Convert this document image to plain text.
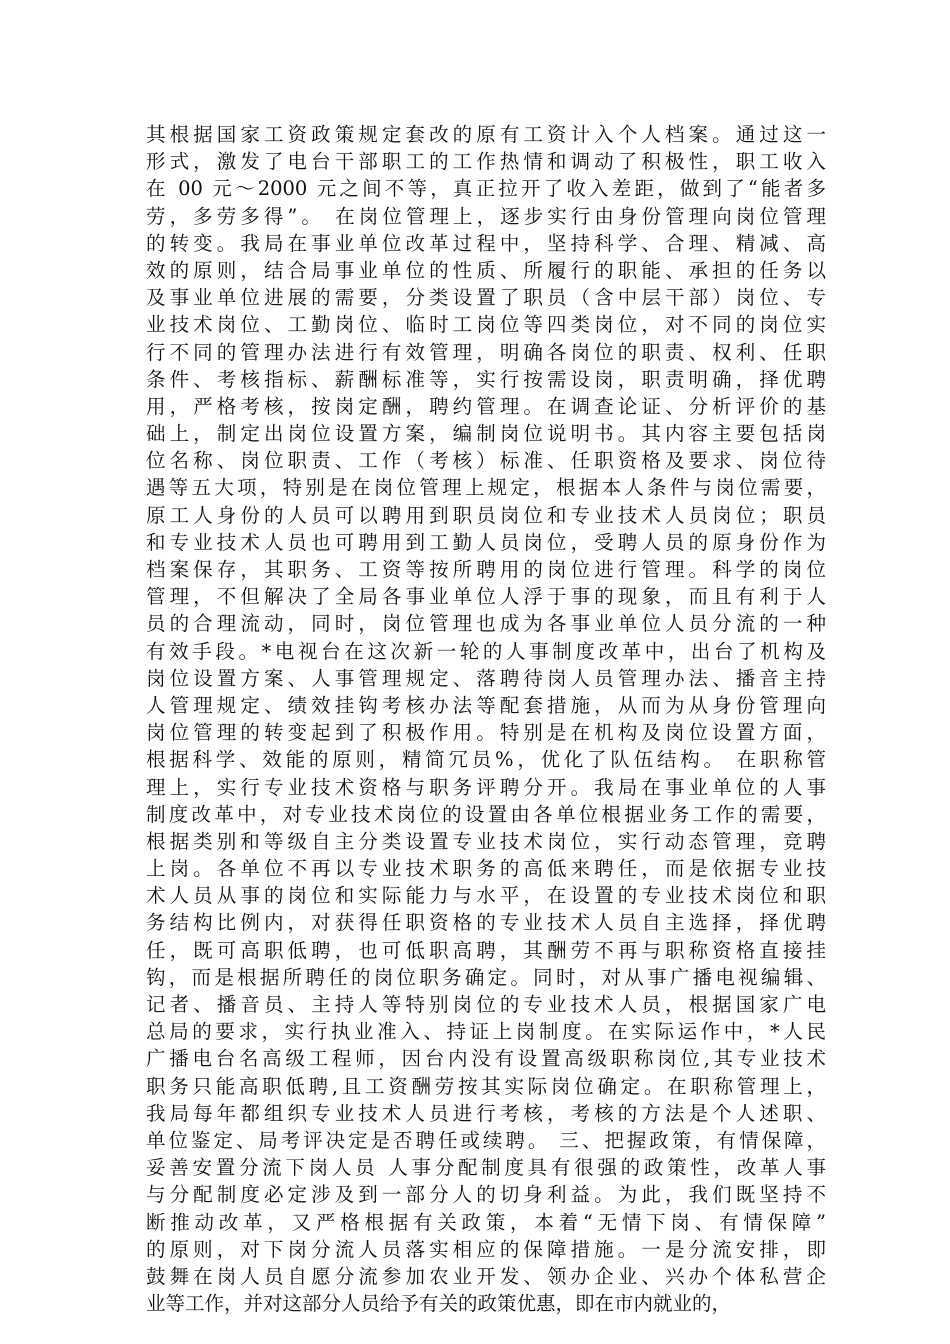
其根据国家工资政策规定套改的原有工资计入个人档案。通过这一
形式，激发了电台干部职工的工作热情和调动了积极性，职工收入
在 00 元～2000 元之间不等，真正拉开了收入差距，做到了“能者多
劳，多劳多得”。 在岗位管理上，逐步实行由身份管理向岗位管理
的转变。我局在事业单位改革过程中，坚持科学、合理、精减、高
效的原则，结合局事业单位的性质、所履行的职能、承担的任务以
及事业单位进展的需要，分类设置了职员（含中层干部）岗位、专
业技术岗位、工勤岗位、临时工岗位等四类岗位，对不同的岗位实
行不同的管理办法进行有效管理，明确各岗位的职责、权利、任职
条件、考核指标、薪酬标准等，实行按需设岗，职责明确，择优聘
用，严格考核，按岗定酬，聘约管理。在调查论证、分析评价的基
础上，制定出岗位设置方案，编制岗位说明书。其内容主要包括岗
位名称、岗位职责、工作（考核）标准、任职资格及要求、岗位待
遇等五大项，特别是在岗位管理上规定，根据本人条件与岗位需要，
原工人身份的人员可以聘用到职员岗位和专业技术人员岗位；职员
和专业技术人员也可聘用到工勤人员岗位，受聘人员的原身份作为
档案保存，其职务、工资等按所聘用的岗位进行管理。科学的岗位
管理，不但解决了全局各事业单位人浮于事的现象，而且有利于人
员的合理流动，同时，岗位管理也成为各事业单位人员分流的一种
有效手段。*电视台在这次新一轮的人事制度改革中，出台了机构及
岗位设置方案、人事管理规定、落聘待岗人员管理办法、播音主持
人管理规定、绩效挂钩考核办法等配套措施，从而为从身份管理向
岗位管理的转变起到了积极作用。特别是在机构及岗位设置方面，
根据科学、效能的原则，精简冗员%，优化了队伍结构。 在职称管
理上，实行专业技术资格与职务评聘分开。我局在事业单位的人事
制度改革中，对专业技术岗位的设置由各单位根据业务工作的需要，
根据类别和等级自主分类设置专业技术岗位，实行动态管理，竞聘
上岗。各单位不再以专业技术职务的高低来聘任，而是依据专业技
术人员从事的岗位和实际能力与水平，在设置的专业技术岗位和职
务结构比例内，对获得任职资格的专业技术人员自主选择，择优聘
任，既可高职低聘，也可低职高聘，其酬劳不再与职称资格直接挂
钩，而是根据所聘任的岗位职务确定。同时，对从事广播电视编辑、
记者、播音员、主持人等特别岗位的专业技术人员，根据国家广电
总局的要求，实行执业准入、持证上岗制度。在实际运作中，*人民
广播电台名高级工程师，因台内没有设置高级职称岗位,其专业技术
职务只能高职低聘,且工资酬劳按其实际岗位确定。在职称管理上，
我局每年都组织专业技术人员进行考核，考核的方法是个人述职、
单位鉴定、局考评决定是否聘任或续聘。 三、把握政策，有情保障，
妥善安置分流下岗人员 人事分配制度具有很强的政策性，改革人事
与分配制度必定涉及到一部分人的切身利益。为此，我们既坚持不
断推动改革，又严格根据有关政策，本着“无情下岗、有情保障”
的原则，对下岗分流人员落实相应的保障措施。一是分流安排，即
鼓舞在岗人员自愿分流参加农业开发、领办企业、兴办个体私营企
业等工作，并对这部分人员给予有关的政策优惠，即在市内就业的，
